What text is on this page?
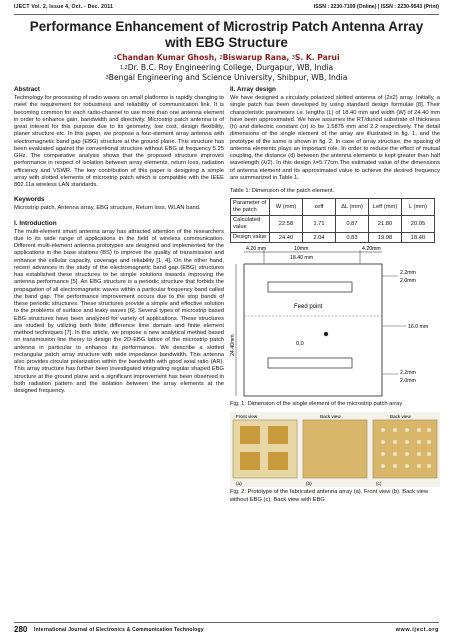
IJECT Vol. 2, Issue 4, Oct. - Dec. 2011	ISSN : 2230-7109 (Online) | ISSN : 2230-9543 (Print)
Performance Enhancement of Microstrip Patch Antenna Array with EBG Structure
$^1$Chandan Kumar Ghosh, $^2$Biswarup Rana, $^3$S. K. Parui
$^{1,2}$Dr. B.C. Roy Engineering College, Durgapur, WB, India
$^3$Bengal Engineering and Science University, Shibpur, WB, India
Abstract

Technology for processing of radio waves on small platforms is rapidly changing to meet the requirement for robustness and reliability of communication link. It is becoming common for each radio-channel to use more than one antenna element in order to enhance gain, bandwidth and directivity. Microstrip patch antenna is of great interest for this purpose due to its geometry, low cost, design flexibility, planer structure etc. In this paper, we propose a four-element array antenna with electromagnetic band gap (EBG) structure at the ground plane. This structure has been evaluated against the conventional structure without EBG at frequency 5.25 GHz. The comparative analysis shows that the proposed structure improves performance in respect of isolation between array elements, return loss, radiation efficiency and VSWR. The key contribution of this paper is designing a simple array with slotted elements of microstrip patch which is compatible with the IEEE 802.11a wireless LAN standards.

Keywords

Microstrip patch, Antenna array, EBG structure, Return loss, WLAN band.

I. Introduction

The multi-element smart antenna array has attracted attention of the researchers due to its wide range of applications in the field of wireless communication. Different multi-element antenna prototypes are designed and implemented for the applications in the base stations (BS) to improve the quality of transmission and enhance the cellular capacity, coverage and reliability [1, 4]. On the other hand, recent advances in the study of the electromagnetic band gap (EBG) structures has established these structures to be simple solutions towards improving the antenna performance [5]. An EBG structure is a periodic structure that forbids the propagation of all electromagnetic waves within a particular frequency band called the band gap. The performance improvement occurs due to the stop bands of these periodic structures. These structures provide a simple and effective solution to the problems of surface and leaky waves [6]. Several types of microstrip based EBG structures have been analyzed for variety of applications. These structures are studied by utilizing both finite difference time domain and finite element method techniques [7]. In this article, we propose a new analytical method based on transmission line theory to design the 2D-EBG lattice of the microstrip patch antenna in particular to enhance its performance. We describe a slotted rectangular patch array structure with wide impedance bandwidth. This antenna also provides circular polarization within the bandwidth with good axial ratio (AR). This array structure has further been investigated integrating regular shaped EBG structure at the ground plane and a significant improvement has been observed in both radiation pattern and the isolation between the array elements at the designed frequency.

II. Array design

We have designed a circularly polarized slotted antenna of (2x2) array. Initially, a single patch has been developed by using standard design formulae [8]. Their characteristic parameters i.e. lengths (L) of 18.40 mm and width (W) of 24.40 mm have been approximated. We have assumes the RT/duriod substrate of thickness (h) and dielectric constant (εr) to be 1.5875 mm and 2.2 respectively. The detail dimensions of the single element of the array are illustrated in fig. 1, and the prototype of the same is shown in fig. 2. In case of array structure, the spacing of antenna elements plays an important role. In order to reduce the effect of mutual coupling, the distance (d) between the antenna elements is kept greater than half wavelength (λ/2). In this design λ=5.77cm.The estimated value of the dimensions of antenna element and its approximated value to achieve the desired frequency are summarized in Table 1.

Table 1: Dimension of the patch element.
Parameter of the patch	W (mm)	εeff	ΔL (mm)	Leff (mm)	L (mm)
Calculated value	22.58	1.71	0.87	21.80	20.05
Design value	24.40	2.04	0.83	19.98	18.40
4.20 mm	10mm
18.40 mm
4.20mm
24.40mm
Feed point
0,0
2.2mm
2.0mm
16.0 mm
2.2mm
2.0mm
Fig. 1: Dimension of the single element of the microstrip patch array
Front view	Back view	Back view
(a)	(b)	(c)
Fig. 2: Prototype of the fabricated antenna array (a). Front view (b). Back view without EBG (c). Back view with EBG
280 International Journal of Electronics & Communication Technology	www.iject.org
